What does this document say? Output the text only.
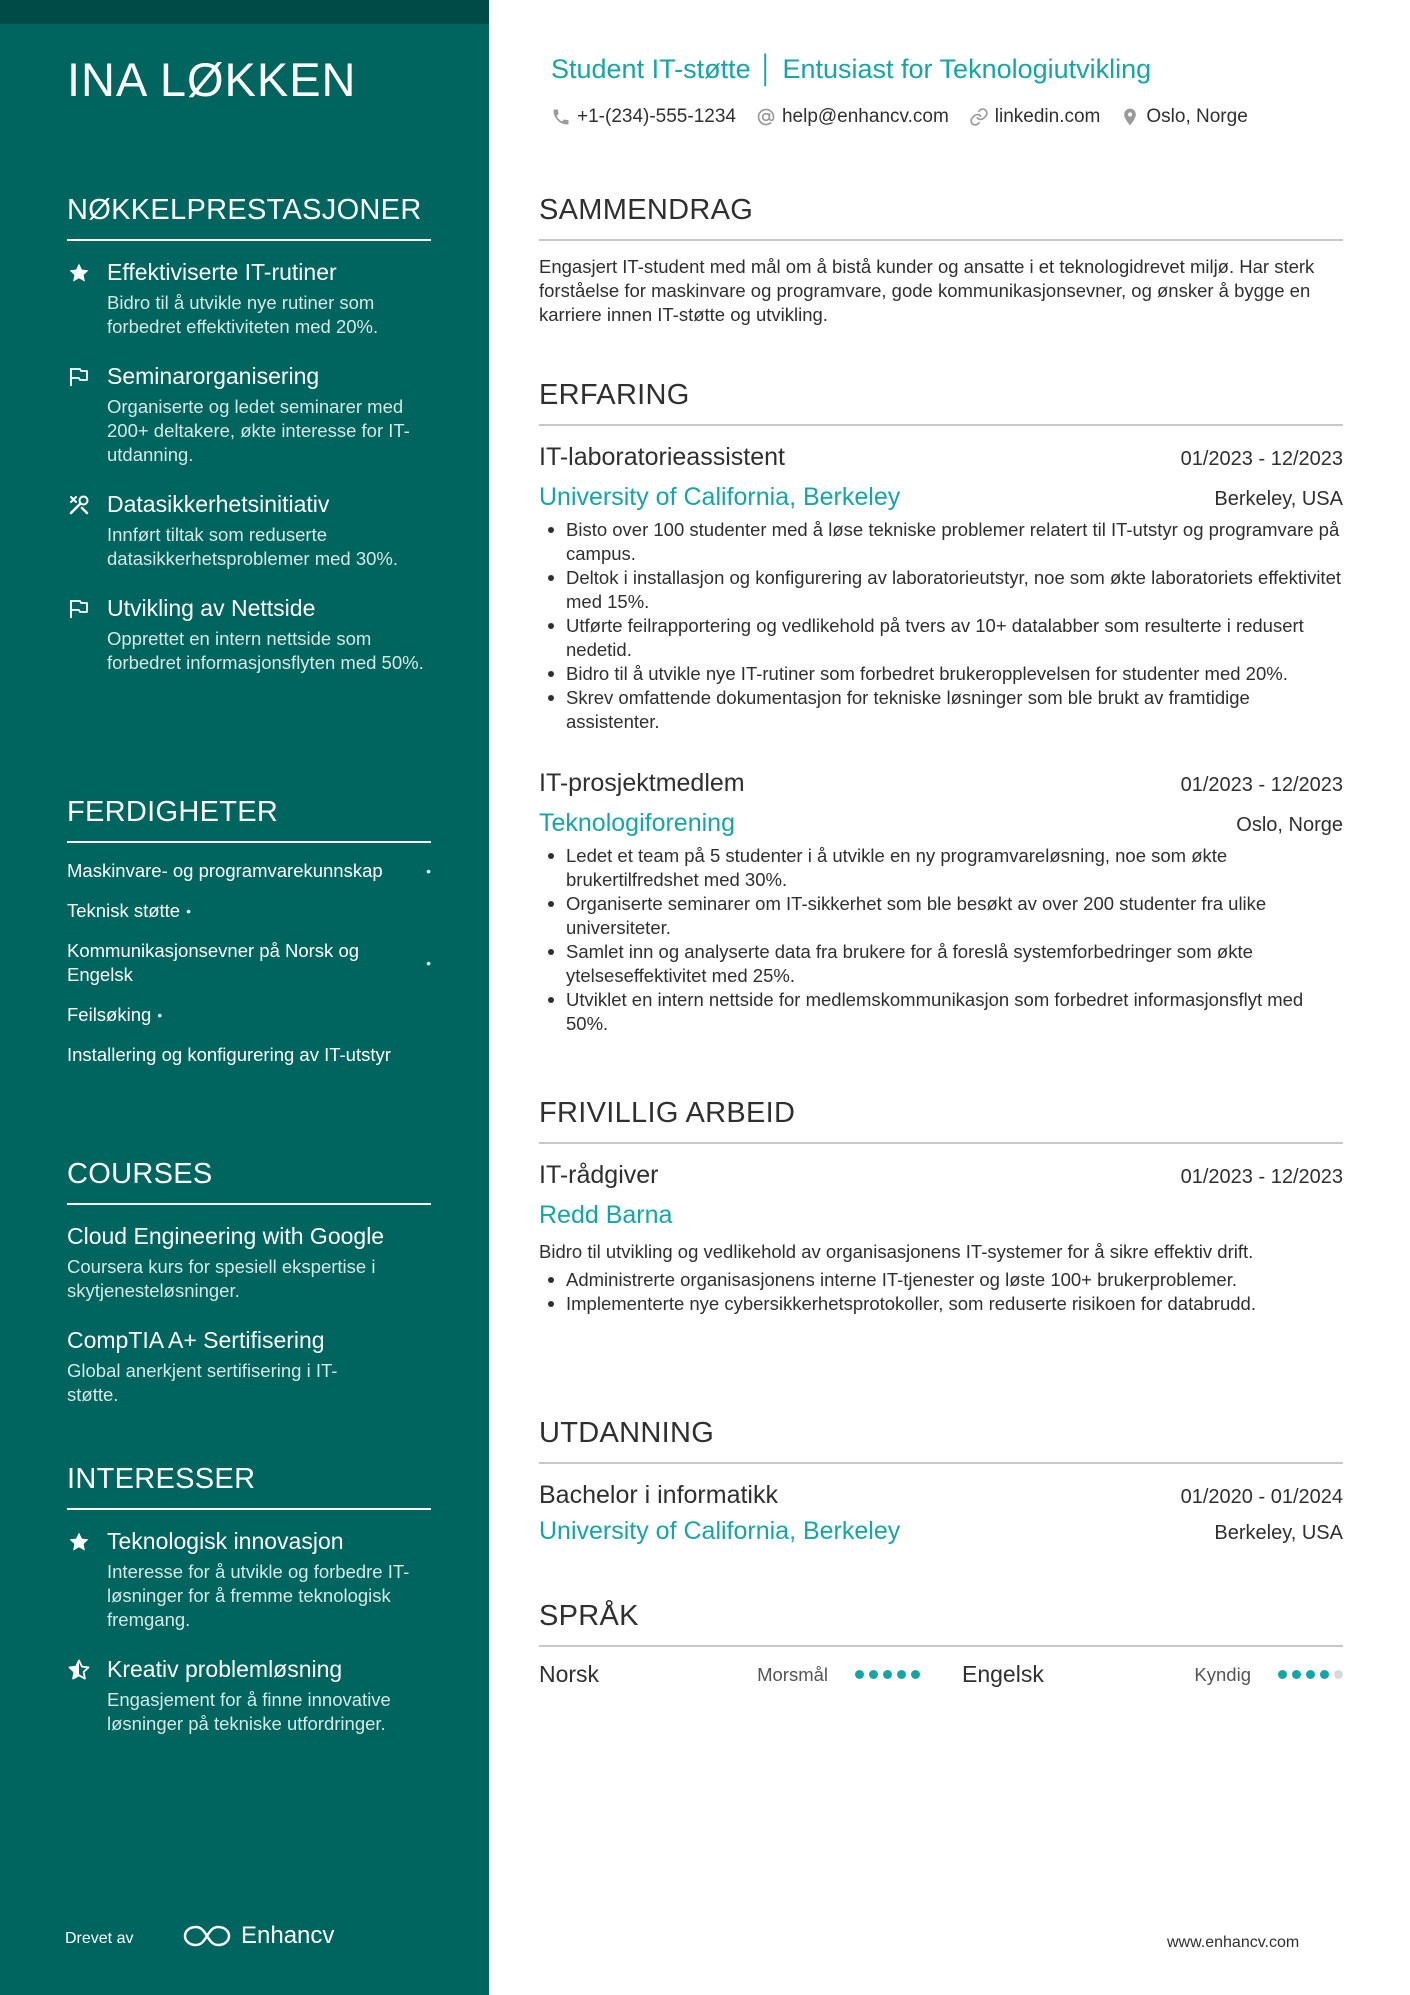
INA LØKKEN
NØKKELPRESTASJONER
Effektiviserte IT-rutiner
Bidro til å utvikle nye rutiner som forbedret effektiviteten med 20%.
Seminarorganisering
Organiserte og ledet seminarer med 200+ deltakere, økte interesse for IT-utdanning.
Datasikkerhetsinitiativ
Innført tiltak som reduserte datasikkerhetsproblemer med 30%.
Utvikling av Nettside
Opprettet en intern nettside som forbedret informasjonsflyten med 50%.
FERDIGHETER
Maskinvare- og programvarekunnskap	•
Teknisk støtte •
Kommunikasjonsevner på Norsk og Engelsk
•
Feilsøking •
Installering og konfigurering av IT-utstyr
COURSES
Cloud Engineering with Google
Coursera kurs for spesiell ekspertise i skytjenesteløsninger.
CompTIA A+ Sertifisering
Global anerkjent sertifisering i IT-støtte.
INTERESSER
Teknologisk innovasjon
Interesse for å utvikle og forbedre IT-løsninger for å fremme teknologisk fremgang.
Kreativ problemløsning
Engasjement for å finne innovative løsninger på tekniske utfordringer.
Drevet av	Enhancv
Student IT-støtte │ Entusiast for Teknologiutvikling
+1-(234)-555-1234 help@enhancv.com linkedin.com Oslo, Norge
SAMMENDRAG

Engasjert IT-student med mål om å bistå kunder og ansatte i et teknologidrevet miljø. Har sterk forståelse for maskinvare og programvare, gode kommunikasjonsevner, og ønsker å bygge en karriere innen IT-støtte og utvikling.

ERFARING
IT-laboratorieassistent	01/2023 - 12/2023
University of California, Berkeley	Berkeley, USA
Bisto over 100 studenter med å løse tekniske problemer relatert til IT-utstyr og programvare på campus.
Deltok i installasjon og konfigurering av laboratorieutstyr, noe som økte laboratoriets effektivitet med 15%.
Utførte feilrapportering og vedlikehold på tvers av 10+ datalabber som resulterte i redusert nedetid.
Bidro til å utvikle nye IT-rutiner som forbedret brukeropplevelsen for studenter med 20%.
Skrev omfattende dokumentasjon for tekniske løsninger som ble brukt av framtidige assistenter.
IT-prosjektmedlem	01/2023 - 12/2023
Teknologiforening	Oslo, Norge
Ledet et team på 5 studenter i å utvikle en ny programvareløsning, noe som økte brukertilfredshet med 30%.
Organiserte seminarer om IT-sikkerhet som ble besøkt av over 200 studenter fra ulike universiteter.
Samlet inn og analyserte data fra brukere for å foreslå systemforbedringer som økte ytelseseffektivitet med 25%.
Utviklet en intern nettside for medlemskommunikasjon som forbedret informasjonsflyt med 50%.
FRIVILLIG ARBEID
IT-rådgiver	01/2023 - 12/2023
Redd Barna

Bidro til utvikling og vedlikehold av organisasjonens IT-systemer for å sikre effektiv drift.

Administrerte organisasjonens interne IT-tjenester og løste 100+ brukerproblemer.
Implementerte nye cybersikkerhetsprotokoller, som reduserte risikoen for databrudd.
UTDANNING
Bachelor i informatikk	01/2020 - 01/2024
University of California, Berkeley	Berkeley, USA
SPRÅK
Norsk	Morsmål	Engelsk	Kyndig
www.enhancv.com
